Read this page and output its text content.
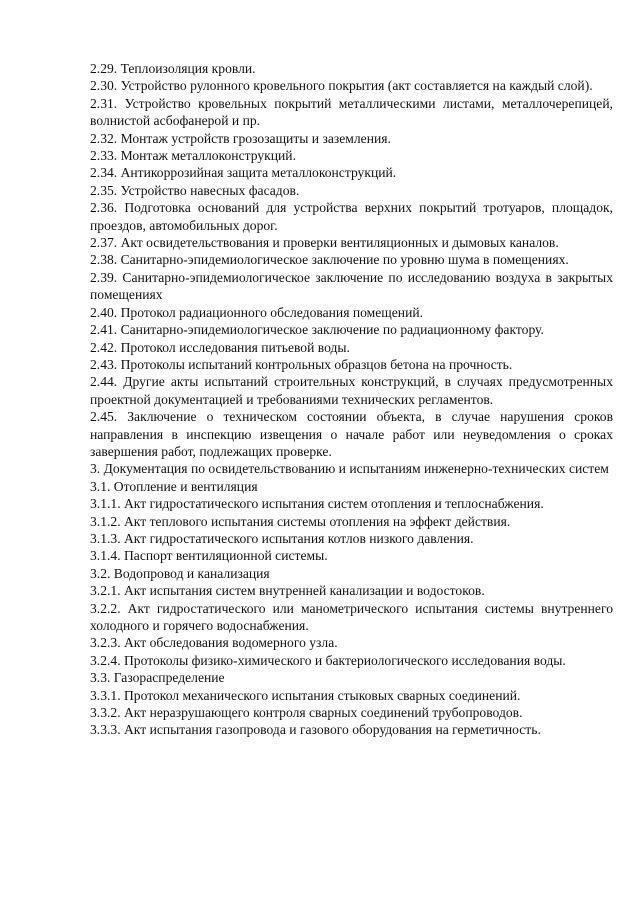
2.29. Теплоизоляция кровли.

2.30. Устройство рулонного кровельного покрытия (акт составляется на каждый слой).

2.31. Устройство кровельных покрытий металлическими листами, металлочерепицей, волнистой асбофанерой и пр.

2.32. Монтаж устройств грозозащиты и заземления.

2.33. Монтаж металлоконструкций.

2.34. Антикоррозийная защита металлоконструкций.

2.35. Устройство навесных фасадов.

2.36. Подготовка оснований для устройства верхних покрытий тротуаров, площадок, проездов, автомобильных дорог.

2.37. Акт освидетельствования и проверки вентиляционных и дымовых каналов.

2.38. Санитарно-эпидемиологическое заключение по уровню шума в помещениях.

2.39. Санитарно-эпидемиологическое заключение по исследованию воздуха в закрытых помещениях

2.40. Протокол радиационного обследования помещений.

2.41. Санитарно-эпидемиологическое заключение по радиационному фактору.

2.42. Протокол исследования питьевой воды.

2.43. Протоколы испытаний контрольных образцов бетона на прочность.

2.44. Другие акты испытаний строительных конструкций, в случаях предусмотренных проектной документацией и требованиями технических регламентов.

2.45. Заключение о техническом состоянии объекта, в случае нарушения сроков направления в инспекцию извещения о начале работ или неуведомления о сроках завершения работ, подлежащих проверке.

3. Документация по освидетельствованию и испытаниям инженерно-технических систем

3.1. Отопление и вентиляция

3.1.1. Акт гидростатического испытания систем отопления и теплоснабжения.

3.1.2. Акт теплового испытания системы отопления на эффект действия.

3.1.3. Акт гидростатического испытания котлов низкого давления.

3.1.4. Паспорт вентиляционной системы.

3.2. Водопровод и канализация

3.2.1. Акт испытания систем внутренней канализации и водостоков.

3.2.2. Акт гидростатического или манометрического испытания системы внутреннего холодного и горячего водоснабжения.

3.2.3. Акт обследования водомерного узла.

3.2.4. Протоколы физико-химического и бактериологического исследования воды.

3.3. Газораспределение

3.3.1. Протокол механического испытания стыковых сварных соединений.

3.3.2. Акт неразрушающего контроля сварных соединений трубопроводов.

3.3.3. Акт испытания газопровода и газового оборудования на герметичность.
